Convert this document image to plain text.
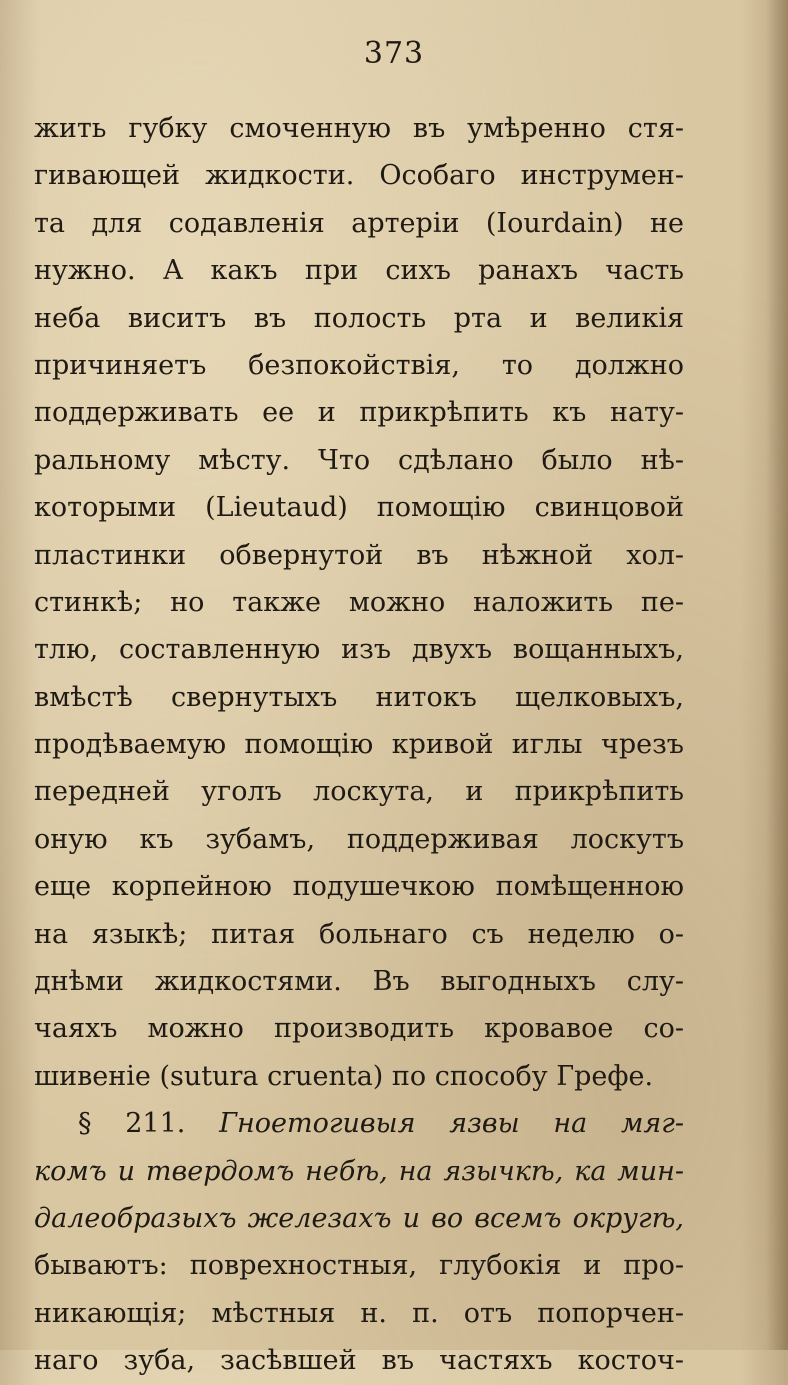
373
жить губку смоченную въ умѣренно стя-
гивающей жидкости. Особаго инструмен-
та для содавленія артеріи (Iourdain) не
нужно. А какъ при сихъ ранахъ часть
неба виситъ въ полость рта и великія
причиняетъ безпокойствія, то должно
поддерживать ее и прикрѣпить къ нату-
ральному мѣсту. Что сдѣлано было нѣ-
которыми (Lieutaud) помощію свинцовой
пластинки обвернутой въ нѣжной хол-
стинкѣ; но также можно наложить пе-
тлю, составленную изъ двухъ вощанныхъ,
вмѣстѣ свернутыхъ нитокъ щелковыхъ,
продѣваемую помощію кривой иглы чрезъ
передней уголъ лоскута, и прикрѣпить
оную къ зубамъ, поддерживая лоскутъ
еще корпейною подушечкою помѣщенною
на языкѣ; питая больнаго съ неделю о-
днѣми жидкостями. Въ выгодныхъ слу-
чаяхъ можно производить кровавое со-
шивеніе (sutura cruenta) по способу Грефе.
§ 211. Гноетогивыя язвы на мяг-
комъ и твердомъ небѣ, на язычкѣ, ка мин-
далеобразыхъ железахъ и во всемъ округѣ,
бываютъ: поврехностныя, глубокія и про-
никающія; мѣстныя н. п. отъ попорчен-
наго зуба, засѣвшей въ частяхъ косточ-
